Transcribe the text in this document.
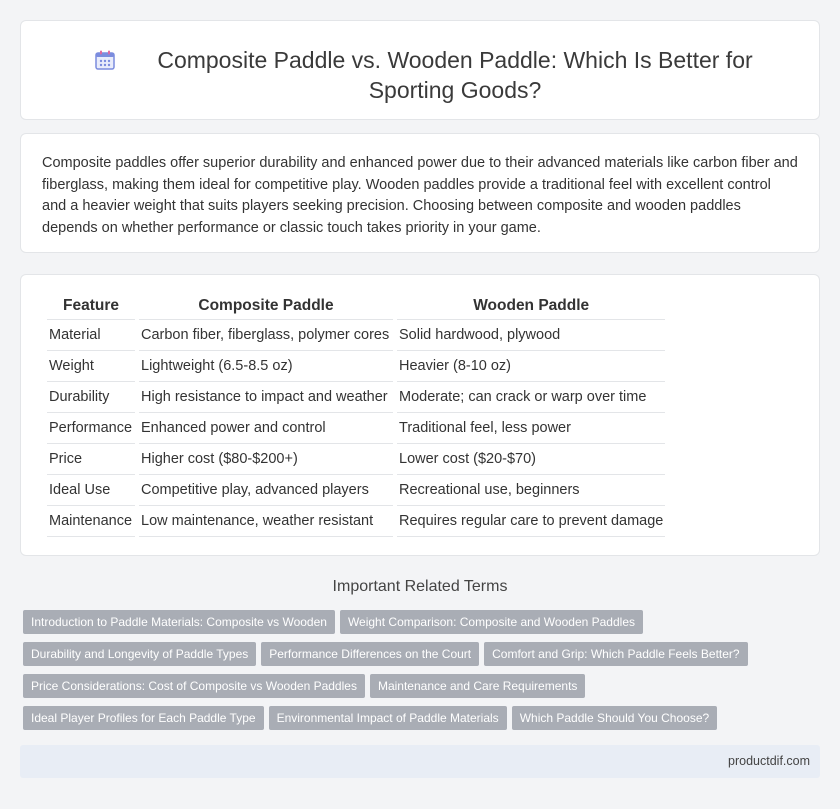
Composite Paddle vs. Wooden Paddle: Which Is Better for Sporting Goods?

Composite paddles offer superior durability and enhanced power due to their advanced materials like carbon fiber and fiberglass, making them ideal for competitive play. Wooden paddles provide a traditional feel with excellent control and a heavier weight that suits players seeking precision. Choosing between composite and wooden paddles depends on whether performance or classic touch takes priority in your game.

Feature	Composite Paddle	Wooden Paddle
Material	Carbon fiber, fiberglass, polymer cores	Solid hardwood, plywood
Weight	Lightweight (6.5-8.5 oz)	Heavier (8-10 oz)
Durability	High resistance to impact and weather	Moderate; can crack or warp over time
Performance	Enhanced power and control	Traditional feel, less power
Price	Higher cost ($80-$200+)	Lower cost ($20-$70)
Ideal Use	Competitive play, advanced players	Recreational use, beginners
Maintenance	Low maintenance, weather resistant	Requires regular care to prevent damage
Important Related Terms
Introduction to Paddle Materials: Composite vs Wooden Weight Comparison: Composite and Wooden Paddles
Durability and Longevity of Paddle Types Performance Differences on the Court Comfort and Grip: Which Paddle Feels Better?
Price Considerations: Cost of Composite vs Wooden Paddles Maintenance and Care Requirements
Ideal Player Profiles for Each Paddle Type Environmental Impact of Paddle Materials Which Paddle Should You Choose?
productdif.com
